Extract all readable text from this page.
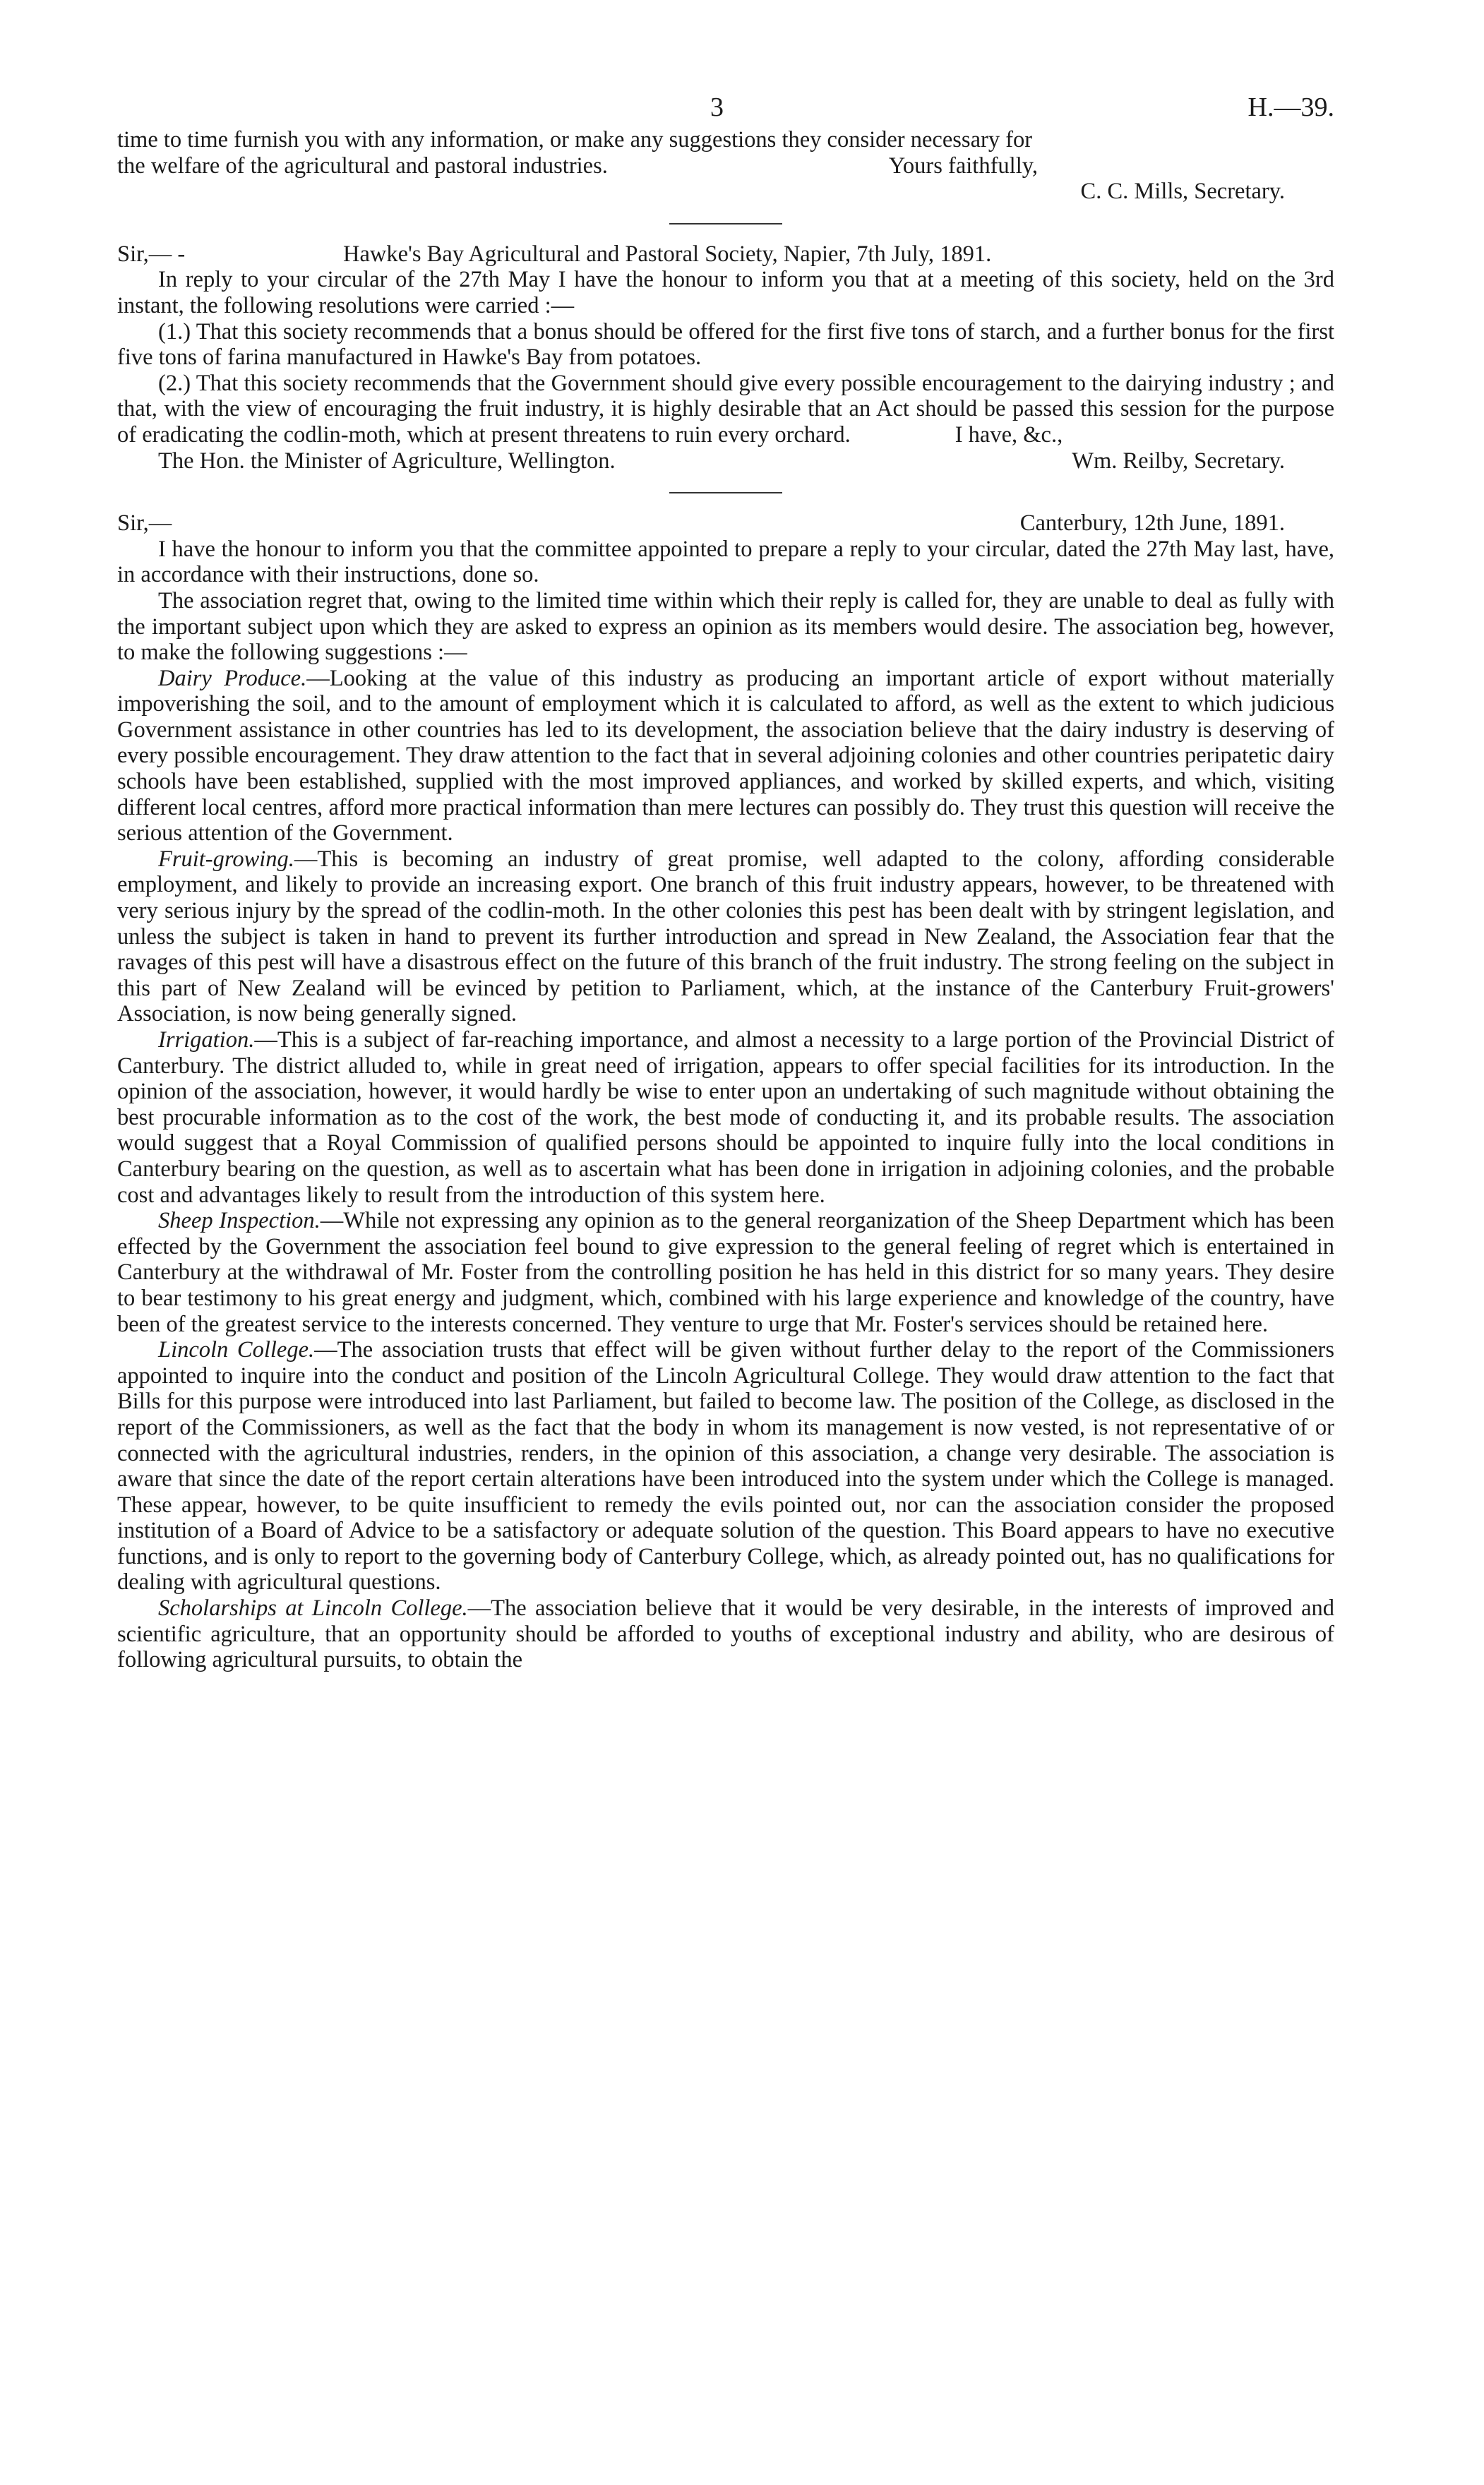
3	H.—39.

time to time furnish you with any information, or make any suggestions they consider necessary for

the welfare of the agricultural and pastoral industries.	Yours faithfully,

C. C. Mills, Secretary.

Sir,— -	Hawke's Bay Agricultural and Pastoral Society, Napier, 7th July, 1891.

In reply to your circular of the 27th May I have the honour to inform you that at a meeting of this society, held on the 3rd instant, the following resolutions were carried :—

(1.) That this society recommends that a bonus should be offered for the first five tons of starch, and a further bonus for the first five tons of farina manufactured in Hawke's Bay from potatoes.

(2.) That this society recommends that the Government should give every possible encouragement to the dairying industry ; and that, with the view of encouraging the fruit industry, it is highly desirable that an Act should be passed this session for the purpose of eradicating the codlin-moth, which at present threatens to ruin every orchard.	I have, &c.,

The Hon. the Minister of Agriculture, Wellington.	Wm. Reilby, Secretary.
Sir,—	Canterbury, 12th June, 1891.

I have the honour to inform you that the committee appointed to prepare a reply to your circular, dated the 27th May last, have, in accordance with their instructions, done so.

The association regret that, owing to the limited time within which their reply is called for, they are unable to deal as fully with the important subject upon which they are asked to express an opinion as its members would desire. The association beg, however, to make the following suggestions :—

Dairy Produce.—Looking at the value of this industry as producing an important article of export without materially impoverishing the soil, and to the amount of employment which it is calculated to afford, as well as the extent to which judicious Government assistance in other countries has led to its development, the association believe that the dairy industry is deserving of every possible encouragement. They draw attention to the fact that in several adjoining colonies and other countries peripatetic dairy schools have been established, supplied with the most improved appliances, and worked by skilled experts, and which, visiting different local centres, afford more practical information than mere lectures can possibly do. They trust this question will receive the serious attention of the Government.

Fruit-growing.—This is becoming an industry of great promise, well adapted to the colony, affording considerable employment, and likely to provide an increasing export. One branch of this fruit industry appears, however, to be threatened with very serious injury by the spread of the codlin-moth. In the other colonies this pest has been dealt with by stringent legislation, and unless the subject is taken in hand to prevent its further introduction and spread in New Zealand, the Association fear that the ravages of this pest will have a disastrous effect on the future of this branch of the fruit industry. The strong feeling on the subject in this part of New Zealand will be evinced by petition to Parliament, which, at the instance of the Canterbury Fruit-growers' Association, is now being generally signed.

Irrigation.—This is a subject of far-reaching importance, and almost a necessity to a large portion of the Provincial District of Canterbury. The district alluded to, while in great need of irrigation, appears to offer special facilities for its introduction. In the opinion of the association, however, it would hardly be wise to enter upon an undertaking of such magnitude without obtaining the best procurable information as to the cost of the work, the best mode of conducting it, and its probable results. The association would suggest that a Royal Commission of qualified persons should be appointed to inquire fully into the local conditions in Canterbury bearing on the question, as well as to ascertain what has been done in irrigation in adjoining colonies, and the probable cost and advantages likely to result from the introduction of this system here.

Sheep Inspection.—While not expressing any opinion as to the general reorganization of the Sheep Department which has been effected by the Government the association feel bound to give expression to the general feeling of regret which is entertained in Canterbury at the withdrawal of Mr. Foster from the controlling position he has held in this district for so many years. They desire to bear testimony to his great energy and judgment, which, combined with his large experience and knowledge of the country, have been of the greatest service to the interests concerned. They venture to urge that Mr. Foster's services should be retained here.

Lincoln College.—The association trusts that effect will be given without further delay to the report of the Commissioners appointed to inquire into the conduct and position of the Lincoln Agricultural College. They would draw attention to the fact that Bills for this purpose were introduced into last Parliament, but failed to become law. The position of the College, as disclosed in the report of the Commissioners, as well as the fact that the body in whom its management is now vested, is not representative of or connected with the agricultural industries, renders, in the opinion of this association, a change very desirable. The association is aware that since the date of the report certain alterations have been introduced into the system under which the College is managed. These appear, however, to be quite insufficient to remedy the evils pointed out, nor can the association consider the proposed institution of a Board of Advice to be a satisfactory or adequate solution of the question. This Board appears to have no executive functions, and is only to report to the governing body of Canterbury College, which, as already pointed out, has no qualifications for dealing with agricultural questions.

Scholarships at Lincoln College.—The association believe that it would be very desirable, in the interests of improved and scientific agriculture, that an opportunity should be afforded to youths of exceptional industry and ability, who are desirous of following agricultural pursuits, to obtain the
